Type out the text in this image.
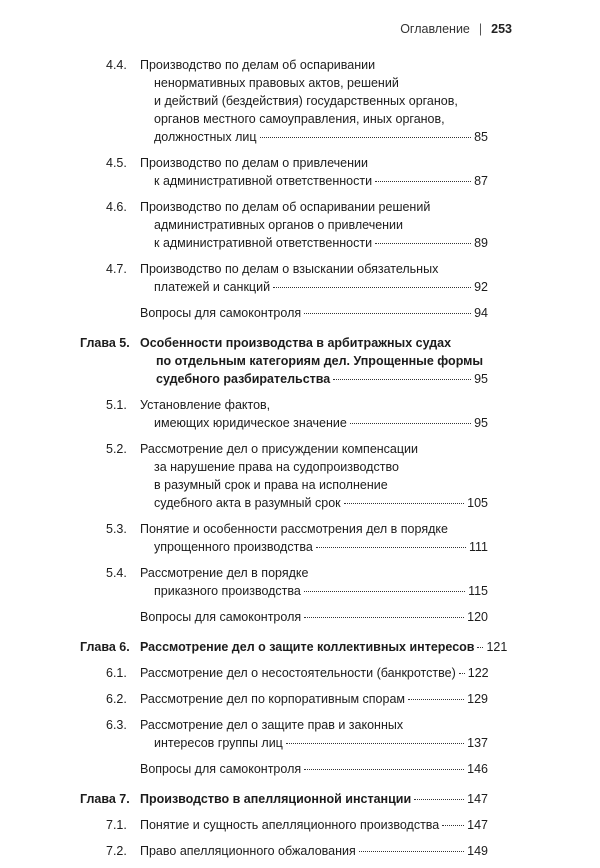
Оглавление | 253
4.4. Производство по делам об оспаривании
ненормативных правовых актов, решений
и действий (бездействия) государственных органов,
органов местного самоуправления, иных органов,
должностных лиц	85
4.5. Производство по делам о привлечении
к административной ответственности	87
4.6. Производство по делам об оспаривании решений
административных органов о привлечении
к административной ответственности	89
4.7. Производство по делам о взыскании обязательных
платежей и санкций	92
Вопросы для самоконтроля	94
Глава 5. Особенности производства в арбитражных судах
по отдельным категориям дел. Упрощенные формы
судебного разбирательства	95
5.1. Установление фактов,
имеющих юридическое значение	95
5.2. Рассмотрение дел о присуждении компенсации
за нарушение права на судопроизводство
в разумный срок и права на исполнение
судебного акта в разумный срок	105
5.3. Понятие и особенности рассмотрения дел в порядке
упрощенного производства	111
5.4. Рассмотрение дел в порядке
приказного производства	115
Вопросы для самоконтроля	120
Глава 6. Рассмотрение дел о защите коллективных интересов 121
6.1. Рассмотрение дел о несостоятельности (банкротстве) 122
6.2. Рассмотрение дел по корпоративным спорам	129
6.3. Рассмотрение дел о защите прав и законных
интересов группы лиц	137
Вопросы для самоконтроля	146
Глава 7. Производство в апелляционной инстанции	147
7.1. Понятие и сущность апелляционного производства 147
7.2. Право апелляционного обжалования	149
